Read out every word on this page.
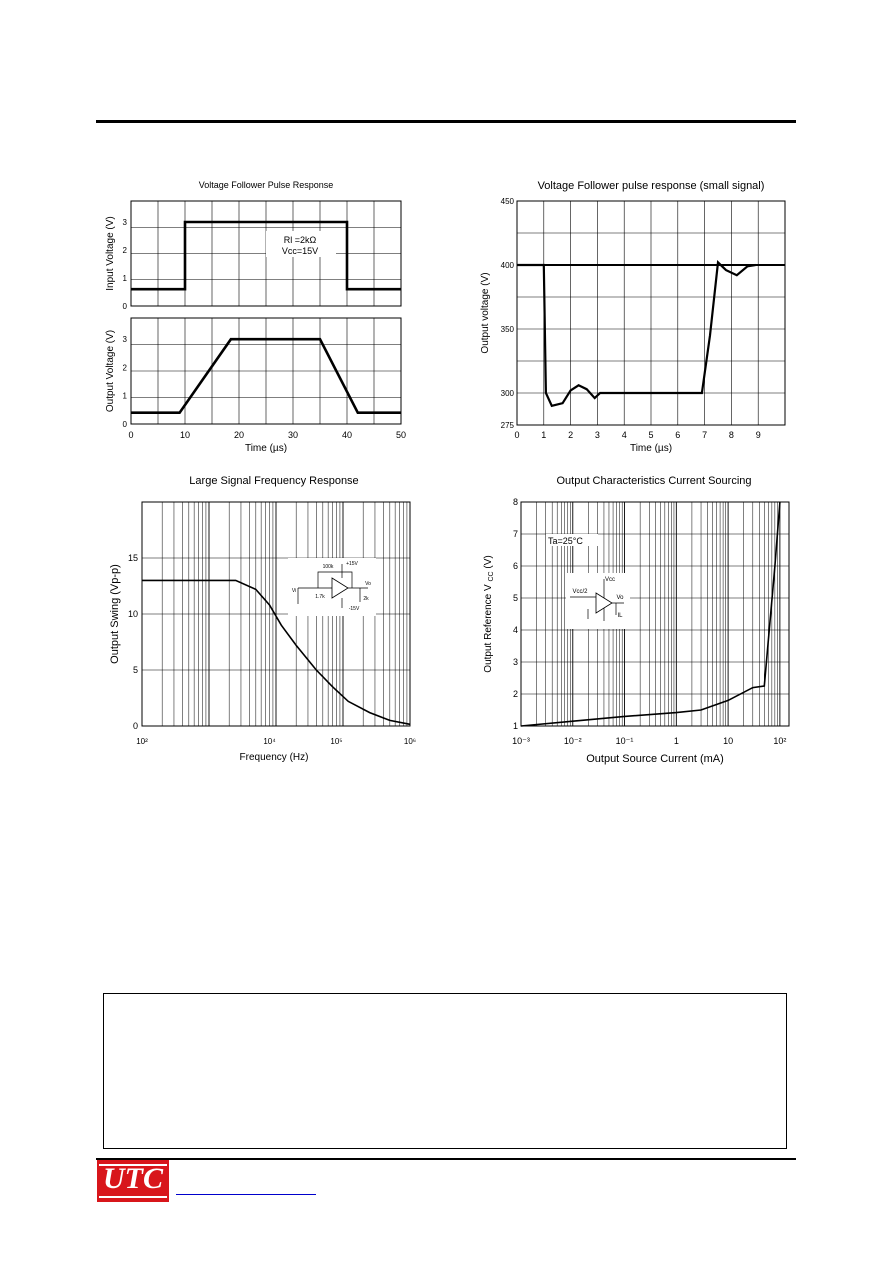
Voltage Follower Pulse Response
0
1
2
3
Input Voltage (V)
0
1
2
3
Output Voltage (V)
0	10	20	30	40	50
Time (µs)
Rl =2kΩ
Vcc=15V
Voltage Follower pulse response (small signal)
275
300
350
400
450
0 1 2 3 4 5 6 7 8 9
Time (µs)
Output voltage (V)
Large Signal Frequency Response
0
5
10
15
10²	10⁴	10⁵	10⁶
Frequency (Hz)
Output Swing (Vp-p)	100k	+15V
1.7k
-15V
Vi
Vo
2k
Output Characteristics Current Sourcing
1
2
3
4
5
6
7
8
10⁻³	10⁻²	10⁻¹	1	10	10²
Output Source Current (mA)
Output Reference V $_{CC}$ (V)
Ta=25°C
Vcc
Vcc/2
Vo
IL
UTC
